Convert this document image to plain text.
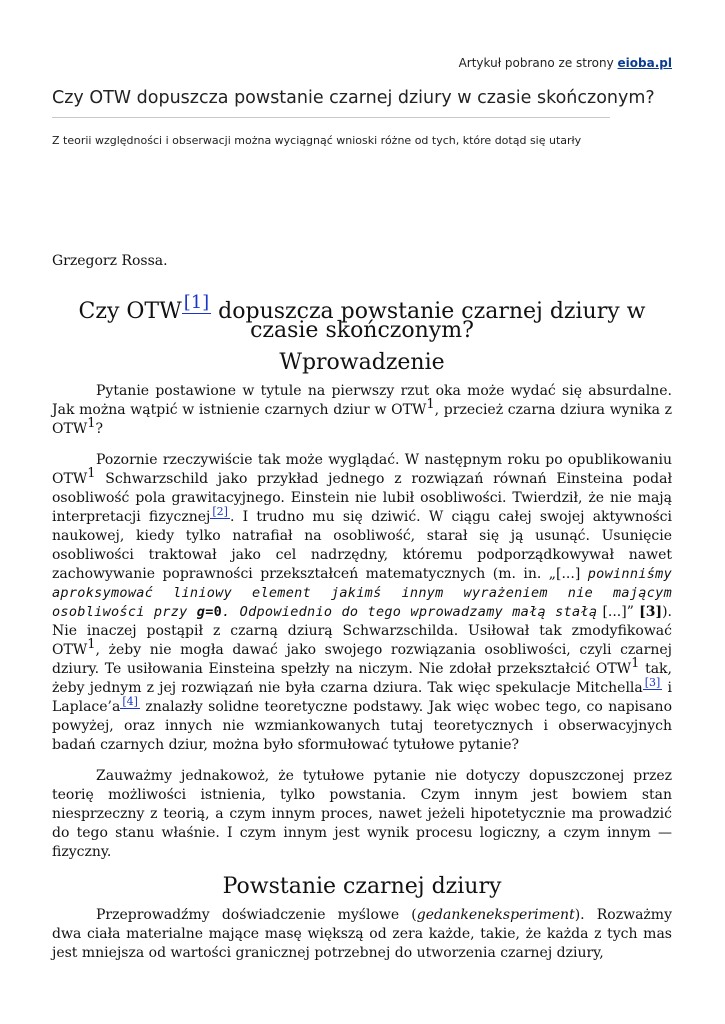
Artykuł pobrano ze strony eioba.pl
Czy OTW dopuszcza powstanie czarnej dziury w czasie skończonym?
Z teorii względności i obserwacji można wyciągnąć wnioski różne od tych, które dotąd się utarły
Grzegorz Rossa.
Czy OTW [1] dopuszcza powstanie czarnej dziury w czasie skończonym?
Wprowadzenie

Pytanie postawione w tytule na pierwszy rzut oka może wydać się absurdalne. Jak można wątpić w istnienie czarnych dziur w OTW$^1$, przecież czarna dziura wynika z OTW$^1$?

Pozornie rzeczywiście tak może wyglądać. W następnym roku po opublikowaniu OTW$^1$ Schwarzschild jako przykład jednego z rozwiązań równań Einsteina podał osobliwość pola grawitacyjnego. Einstein nie lubił osobliwości. Twierdził, że nie mają interpretacji fizycznej [2] . I trudno mu się dziwić. W ciągu całej swojej aktywności naukowej, kiedy tylko natrafiał na osobliwość, starał się ją usunąć. Usunięcie osobliwości traktował jako cel nadrzędny, któremu podporządkowywał nawet zachowywanie poprawności przekształceń matematycznych (m. in. „[...] powinniśmy aproksymować liniowy element jakimś innym wyrażeniem nie mającym osobliwości przy g=0. Odpowiednio do tego wprowadzamy małą stałą [...]” [3]). Nie inaczej postąpił z czarną dziurą Schwarzschilda. Usiłował tak zmodyfikować OTW$^1$, żeby nie mogła dawać jako swojego rozwiązania osobliwości, czyli czarnej dziury. Te usiłowania Einsteina spełzły na niczym. Nie zdołał przekształcić OTW$^1$ tak, żeby jednym z jej rozwiązań nie była czarna dziura. Tak więc spekulacje Mitchella [3] i Laplace’a [4] znalazły solidne teoretyczne podstawy. Jak więc wobec tego, co napisano powyżej, oraz innych nie wzmiankowanych tutaj teoretycznych i obserwacyjnych badań czarnych dziur, można było sformułować tytułowe pytanie?

Zauważmy jednakowoż, że tytułowe pytanie nie dotyczy dopuszczonej przez teorię możliwości istnienia, tylko powstania. Czym innym jest bowiem stan niesprzeczny z teorią, a czym innym proces, nawet jeżeli hipotetycznie ma prowadzić do tego stanu właśnie. I czym innym jest wynik procesu logiczny, a czym innym — fizyczny.

Powstanie czarnej dziury

Przeprowadźmy doświadczenie myślowe (gedankeneksperiment). Rozważmy dwa ciała materialne mające masę większą od zera każde, takie, że każda z tych mas jest mniejsza od wartości granicznej potrzebnej do utworzenia czarnej dziury,
